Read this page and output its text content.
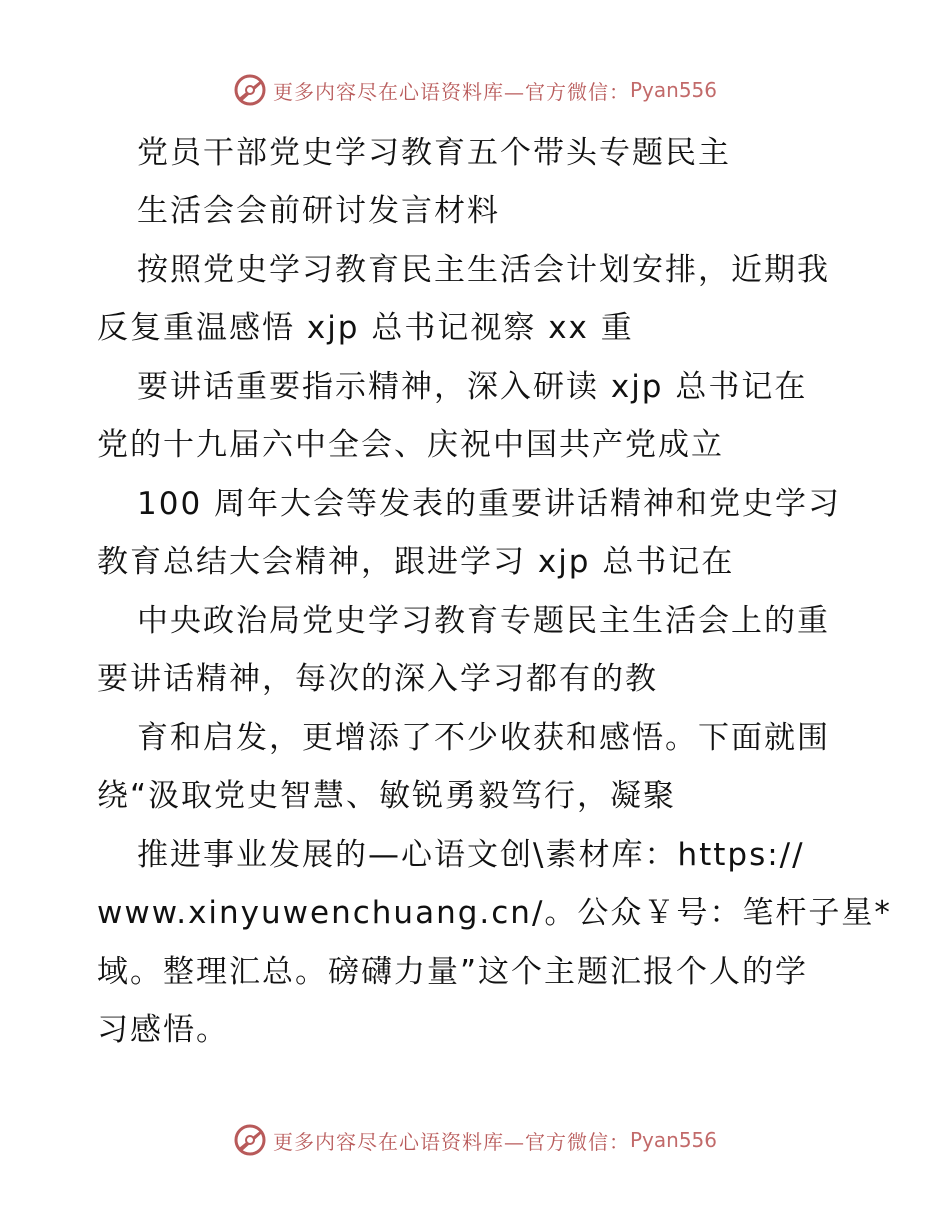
更多内容尽在心语资料库—官方微信： Pyan556
党员干部党史学习教育五个带头专题民主
生活会会前研讨发言材料
按照党史学习教育民主生活会计划安排，近期我
反复重温感悟 xjp 总书记视察 xx 重
要讲话重要指示精神，深入研读 xjp 总书记在
党的十九届六中全会、庆祝中国共产党成立
100 周年大会等发表的重要讲话精神和党史学习
教育总结大会精神，跟进学习 xjp 总书记在
中央政治局党史学习教育专题民主生活会上的重
要讲话精神，每次的深入学习都有的教
育和启发，更增添了不少收获和感悟。下面就围
绕“汲取党史智慧、敏锐勇毅笃行，凝聚
推进事业发展的—心语文创\素材库：https://
www.xinyuwenchuang.cn/。公众￥号：笔杆子星*
域。整理汇总。磅礴力量”这个主题汇报个人的学
习感悟。
更多内容尽在心语资料库—官方微信： Pyan556
